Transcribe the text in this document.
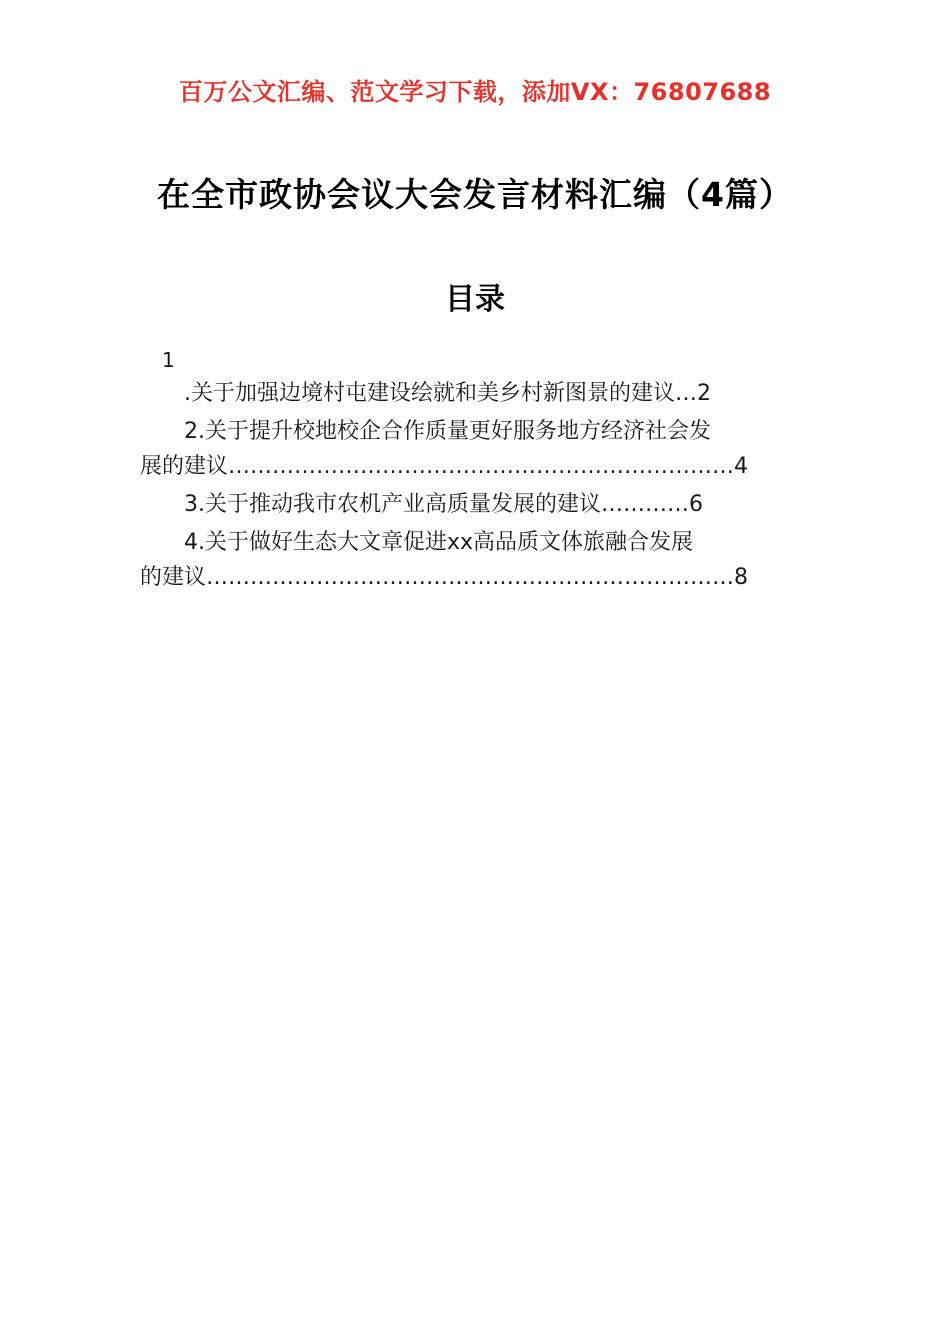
百万公文汇编、范文学习下载，添加VX：76807688
在全市政协会议大会发言材料汇编（4篇）
目录
1
.关于加强边境村屯建设绘就和美乡村新图景的建议…2
2.关于提升校地校企合作质量更好服务地方经济社会发
展的建议……………………………………………………………4
3.关于推动我市农机产业高质量发展的建议…………6
4.关于做好生态大文章促进xx高品质文体旅融合发展
的建议………………………………………………………………8
